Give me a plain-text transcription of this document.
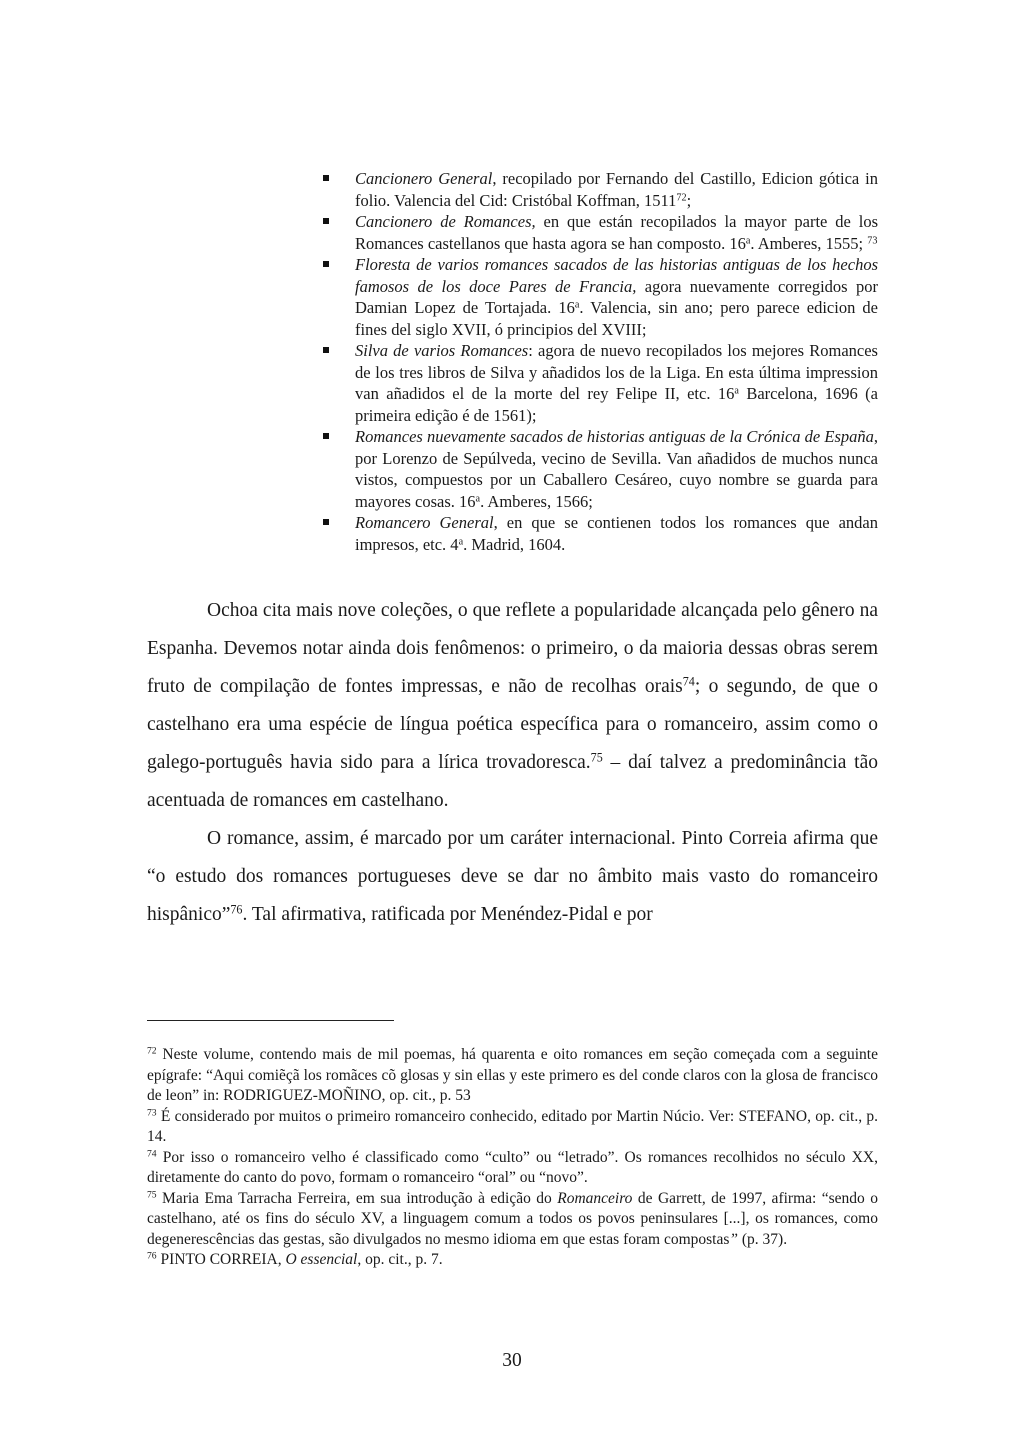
Cancionero General, recopilado por Fernando del Castillo, Edicion gótica in folio. Valencia del Cid: Cristóbal Koffman, 1511$^{72}$;
Cancionero de Romances, en que están recopilados la mayor parte de los Romances castellanos que hasta agora se han composto. 16$^a$. Amberes, 1555; $^{73}$
Floresta de varios romances sacados de las historias antiguas de los hechos famosos de los doce Pares de Francia, agora nuevamente corregidos por Damian Lopez de Tortajada. 16$^a$. Valencia, sin ano; pero parece edicion de fines del siglo XVII, ó principios del XVIII;
Silva de varios Romances: agora de nuevo recopilados los mejores Romances de los tres libros de Silva y añadidos los de la Liga. En esta última impression van añadidos el de la morte del rey Felipe II, etc. 16$^a$ Barcelona, 1696 (a primeira edição é de 1561);
Romances nuevamente sacados de historias antiguas de la Crónica de España, por Lorenzo de Sepúlveda, vecino de Sevilla. Van añadidos de muchos nunca vistos, compuestos por un Caballero Cesáreo, cuyo nombre se guarda para mayores cosas. 16$^a$. Amberes, 1566;
Romancero General, en que se contienen todos los romances que andan impresos, etc. 4$^a$. Madrid, 1604.

Ochoa cita mais nove coleções, o que reflete a popularidade alcançada pelo gênero na Espanha. Devemos notar ainda dois fenômenos: o primeiro, o da maioria dessas obras serem fruto de compilação de fontes impressas, e não de recolhas orais$^{74}$; o segundo, de que o castelhano era uma espécie de língua poética específica para o romanceiro, assim como o galego-português havia sido para a lírica trovadoresca.$^{75}$ – daí talvez a predominância tão acentuada de romances em castelhano.

O romance, assim, é marcado por um caráter internacional. Pinto Correia afirma que “o estudo dos romances portugueses deve se dar no âmbito mais vasto do romanceiro hispânico”$^{76}$. Tal afirmativa, ratificada por Menéndez-Pidal e por

$^{72}$ Neste volume, contendo mais de mil poemas, há quarenta e oito romances em seção começada com a seguinte epígrafe: “Aqui comiẽçã los romãces cõ glosas y sin ellas y este primero es del conde claros con la glosa de francisco de leon” in: RODRIGUEZ-MOÑINO, op. cit., p. 53

$^{73}$ É considerado por muitos o primeiro romanceiro conhecido, editado por Martin Núcio. Ver: STEFANO, op. cit., p. 14.

$^{74}$ Por isso o romanceiro velho é classificado como “culto” ou “letrado”. Os romances recolhidos no século XX, diretamente do canto do povo, formam o romanceiro “oral” ou “novo”.

$^{75}$ Maria Ema Tarracha Ferreira, em sua introdução à edição do Romanceiro de Garrett, de 1997, afirma: “sendo o castelhano, até os fins do século XV, a linguagem comum a todos os povos peninsulares [...], os romances, como degenerescências das gestas, são divulgados no mesmo idioma em que estas foram compostas” (p. 37).

$^{76}$ PINTO CORREIA, O essencial, op. cit., p. 7.

30
